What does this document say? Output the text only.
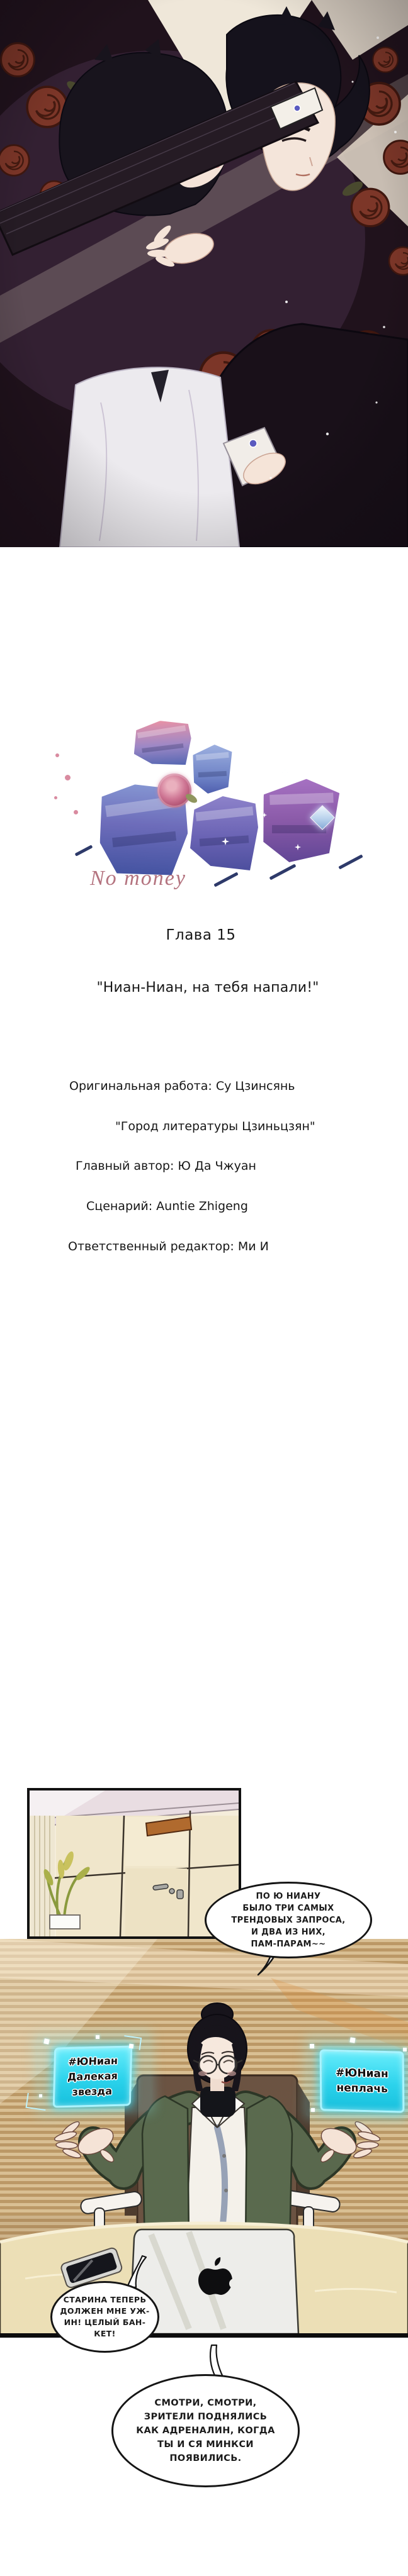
No money
Глава 15
"Ниан-Ниан, на тебя напали!"
Оригинальная работа: Су Цзинсянь
"Город литературы Цзиньцзян"
Главный автор: Ю Да Чжуан
Сценарий: Auntie Zhigeng
Ответственный редактор: Ми И
#ЮНиан
Далекая
звезда
#ЮНиан
неплачь
ПО Ю НИАНУ
БЫЛО ТРИ САМЫХ
ТРЕНДОВЫХ ЗАПРОСА,
И ДВА ИЗ НИХ,
ПАМ-ПАРАМ~~
СТАРИНА ТЕПЕРЬ
ДОЛЖЕН МНЕ УЖ-
ИН! ЦЕЛЫЙ БАН-
КЕТ!
СМОТРИ, СМОТРИ,
ЗРИТЕЛИ ПОДНЯЛИСЬ
КАК АДРЕНАЛИН, КОГДА
ТЫ И СЯ МИНКСИ
ПОЯВИЛИСЬ.
